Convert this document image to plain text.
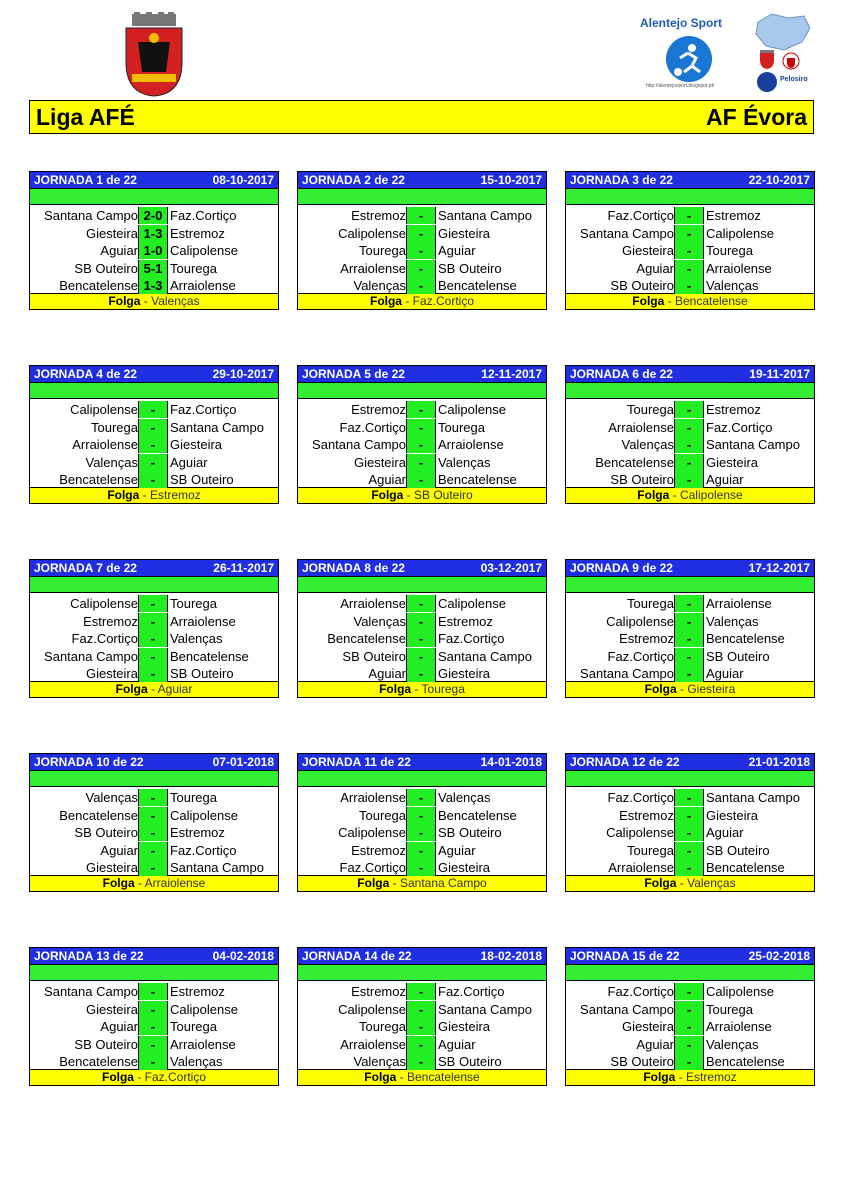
Alentejo Sport
http://alentejosport.blogspot.pt/
Pelosiro
Liga AFÉ	AF Évora
JORNADA 1 de 22	08-10-2017
Santana Campo 2-0 Faz.Cortiço
Giesteira 1-3 Estremoz
Aguiar 1-0 Calipolense
SB Outeiro 5-1 Tourega
Bencatelense 1-3 Arraiolense
Folga - Valenças
JORNADA 2 de 22	15-10-2017
Estremoz -	Santana Campo
Calipolense -	Giesteira
Tourega -	Aguiar
Arraiolense -	SB Outeiro
Valenças -	Bencatelense
Folga - Faz.Cortiço
JORNADA 3 de 22	22-10-2017
Faz.Cortiço -	Estremoz
Santana Campo -	Calipolense
Giesteira -	Tourega
Aguiar -	Arraiolense
SB Outeiro -	Valenças
Folga - Bencatelense
JORNADA 4 de 22	29-10-2017
Calipolense -	Faz.Cortiço
Tourega -	Santana Campo
Arraiolense -	Giesteira
Valenças -	Aguiar
Bencatelense -	SB Outeiro
Folga - Estremoz
JORNADA 5 de 22	12-11-2017
Estremoz -	Calipolense
Faz.Cortiço -	Tourega
Santana Campo -	Arraiolense
Giesteira -	Valenças
Aguiar -	Bencatelense
Folga - SB Outeiro
JORNADA 6 de 22	19-11-2017
Tourega -	Estremoz
Arraiolense -	Faz.Cortiço
Valenças -	Santana Campo
Bencatelense -	Giesteira
SB Outeiro -	Aguiar
Folga - Calipolense
JORNADA 7 de 22	26-11-2017
Calipolense -	Tourega
Estremoz -	Arraiolense
Faz.Cortiço -	Valenças
Santana Campo -	Bencatelense
Giesteira -	SB Outeiro
Folga - Aguiar
JORNADA 8 de 22	03-12-2017
Arraiolense -	Calipolense
Valenças -	Estremoz
Bencatelense -	Faz.Cortiço
SB Outeiro -	Santana Campo
Aguiar -	Giesteira
Folga - Tourega
JORNADA 9 de 22	17-12-2017
Tourega -	Arraiolense
Calipolense -	Valenças
Estremoz -	Bencatelense
Faz.Cortiço -	SB Outeiro
Santana Campo -	Aguiar
Folga - Giesteira
JORNADA 10 de 22	07-01-2018
Valenças -	Tourega
Bencatelense -	Calipolense
SB Outeiro -	Estremoz
Aguiar -	Faz.Cortiço
Giesteira -	Santana Campo
Folga - Arraiolense
JORNADA 11 de 22	14-01-2018
Arraiolense -	Valenças
Tourega -	Bencatelense
Calipolense -	SB Outeiro
Estremoz -	Aguiar
Faz.Cortiço -	Giesteira
Folga - Santana Campo
JORNADA 12 de 22	21-01-2018
Faz.Cortiço -	Santana Campo
Estremoz -	Giesteira
Calipolense -	Aguiar
Tourega -	SB Outeiro
Arraiolense -	Bencatelense
Folga - Valenças
JORNADA 13 de 22	04-02-2018
Santana Campo -	Estremoz
Giesteira -	Calipolense
Aguiar -	Tourega
SB Outeiro -	Arraiolense
Bencatelense -	Valenças
Folga - Faz.Cortiço
JORNADA 14 de 22	18-02-2018
Estremoz -	Faz.Cortiço
Calipolense -	Santana Campo
Tourega -	Giesteira
Arraiolense -	Aguiar
Valenças -	SB Outeiro
Folga - Bencatelense
JORNADA 15 de 22	25-02-2018
Faz.Cortiço -	Calipolense
Santana Campo -	Tourega
Giesteira -	Arraiolense
Aguiar -	Valenças
SB Outeiro -	Bencatelense
Folga - Estremoz
